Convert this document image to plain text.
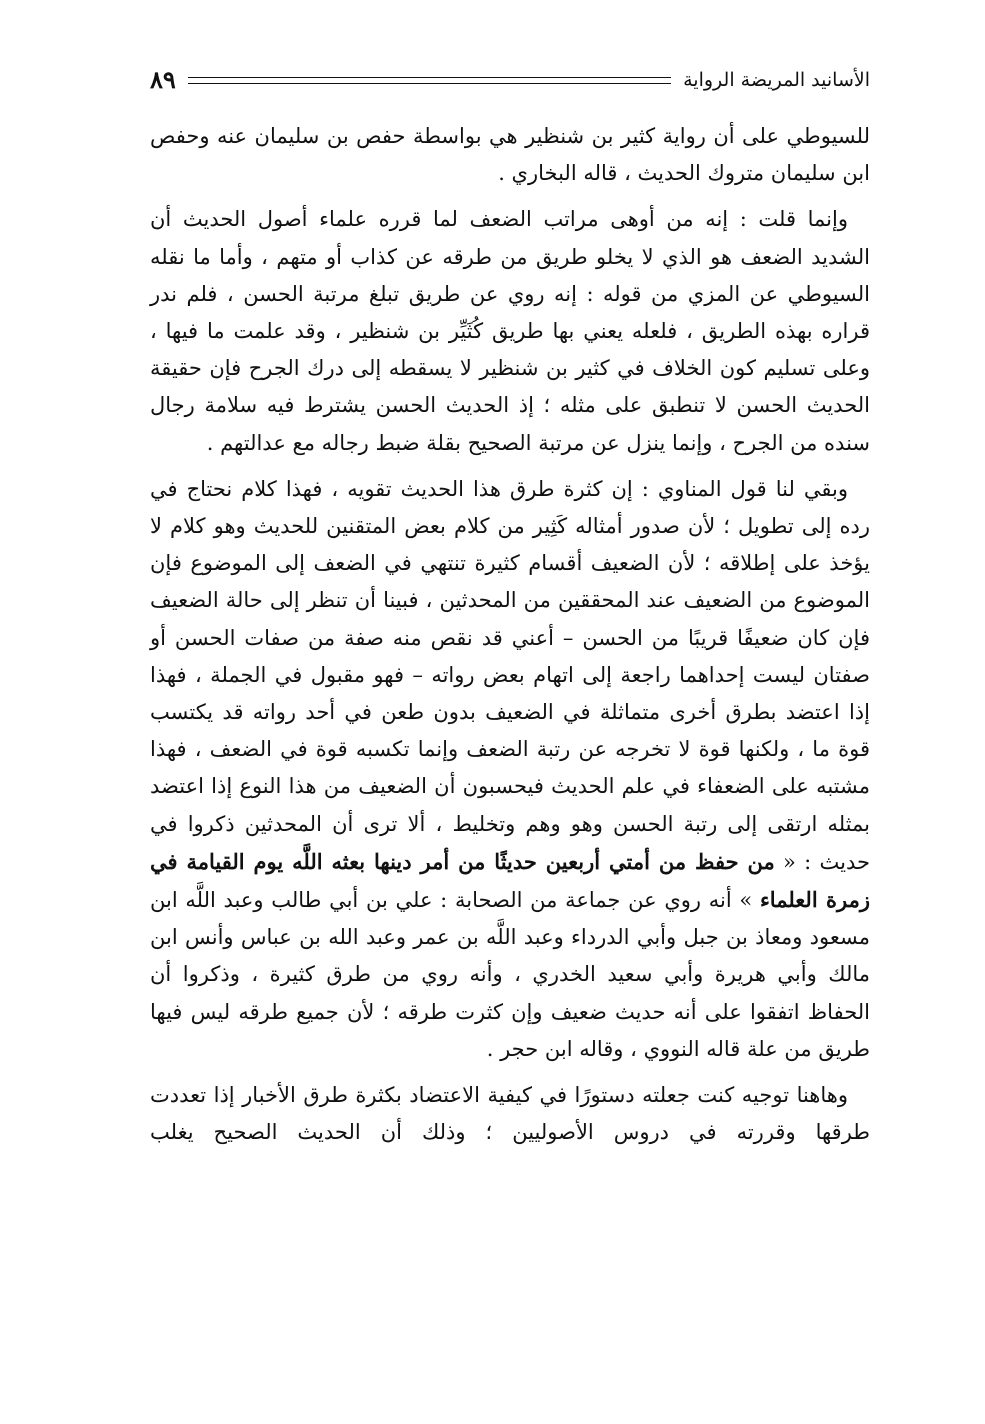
الأسانيد المريضة الرواية
٨٩

للسيوطي على أن رواية كثير بن شنظير هي بواسطة حفص بن سليمان عنه وحفص ابن سليمان متروك الحديث ، قاله البخاري .

وإنما قلت : إنه من أوهى مراتب الضعف لما قرره علماء أصول الحديث أن الشديد الضعف هو الذي لا يخلو طريق من طرقه عن كذاب أو متهم ، وأما ما نقله السيوطي عن المزي من قوله : إنه روي عن طريق تبلغ مرتبة الحسن ، فلم ندر قراره بهذه الطريق ، فلعله يعني بها طريق كُثَيِّر بن شنظير ، وقد علمت ما فيها ، وعلى تسليم كون الخلاف في كثير بن شنظير لا يسقطه إلى درك الجرح فإن حقيقة الحديث الحسن لا تنطبق على مثله ؛ إذ الحديث الحسن يشترط فيه سلامة رجال سنده من الجرح ، وإنما ينزل عن مرتبة الصحيح بقلة ضبط رجاله مع عدالتهم .

وبقي لنا قول المناوي : إن كثرة طرق هذا الحديث تقويه ، فهذا كلام نحتاج في رده إلى تطويل ؛ لأن صدور أمثاله كَثِير من كلام بعض المتقنين للحديث وهو كلام لا يؤخذ على إطلاقه ؛ لأن الضعيف أقسام كثيرة تنتهي في الضعف إلى الموضوع فإن الموضوع من الضعيف عند المحققين من المحدثين ، فبينا أن تنظر إلى حالة الضعيف فإن كان ضعيفًا قريبًا من الحسن – أعني قد نقص منه صفة من صفات الحسن أو صفتان ليست إحداهما راجعة إلى اتهام بعض رواته – فهو مقبول في الجملة ، فهذا إذا اعتضد بطرق أخرى متماثلة في الضعيف بدون طعن في أحد رواته قد يكتسب قوة ما ، ولكنها قوة لا تخرجه عن رتبة الضعف وإنما تكسبه قوة في الضعف ، فهذا مشتبه على الضعفاء في علم الحديث فيحسبون أن الضعيف من هذا النوع إذا اعتضد بمثله ارتقى إلى رتبة الحسن وهو وهم وتخليط ، ألا ترى أن المحدثين ذكروا في حديث : « من حفظ من أمتي أربعين حديثًا من أمر دينها بعثه اللَّه يوم القيامة في زمرة العلماء » أنه روي عن جماعة من الصحابة : علي بن أبي طالب وعبد اللَّه ابن مسعود ومعاذ بن جبل وأبي الدرداء وعبد اللَّه بن عمر وعبد الله بن عباس وأنس ابن مالك وأبي هريرة وأبي سعيد الخدري ، وأنه روي من طرق كثيرة ، وذكروا أن الحفاظ اتفقوا على أنه حديث ضعيف وإن كثرت طرقه ؛ لأن جميع طرقه ليس فيها طريق من علة قاله النووي ، وقاله ابن حجر .

وهاهنا توجيه كنت جعلته دستورًا في كيفية الاعتضاد بكثرة طرق الأخبار إذا تعددت طرقها وقررته في دروس الأصوليين ؛ وذلك أن الحديث الصحيح يغلب
